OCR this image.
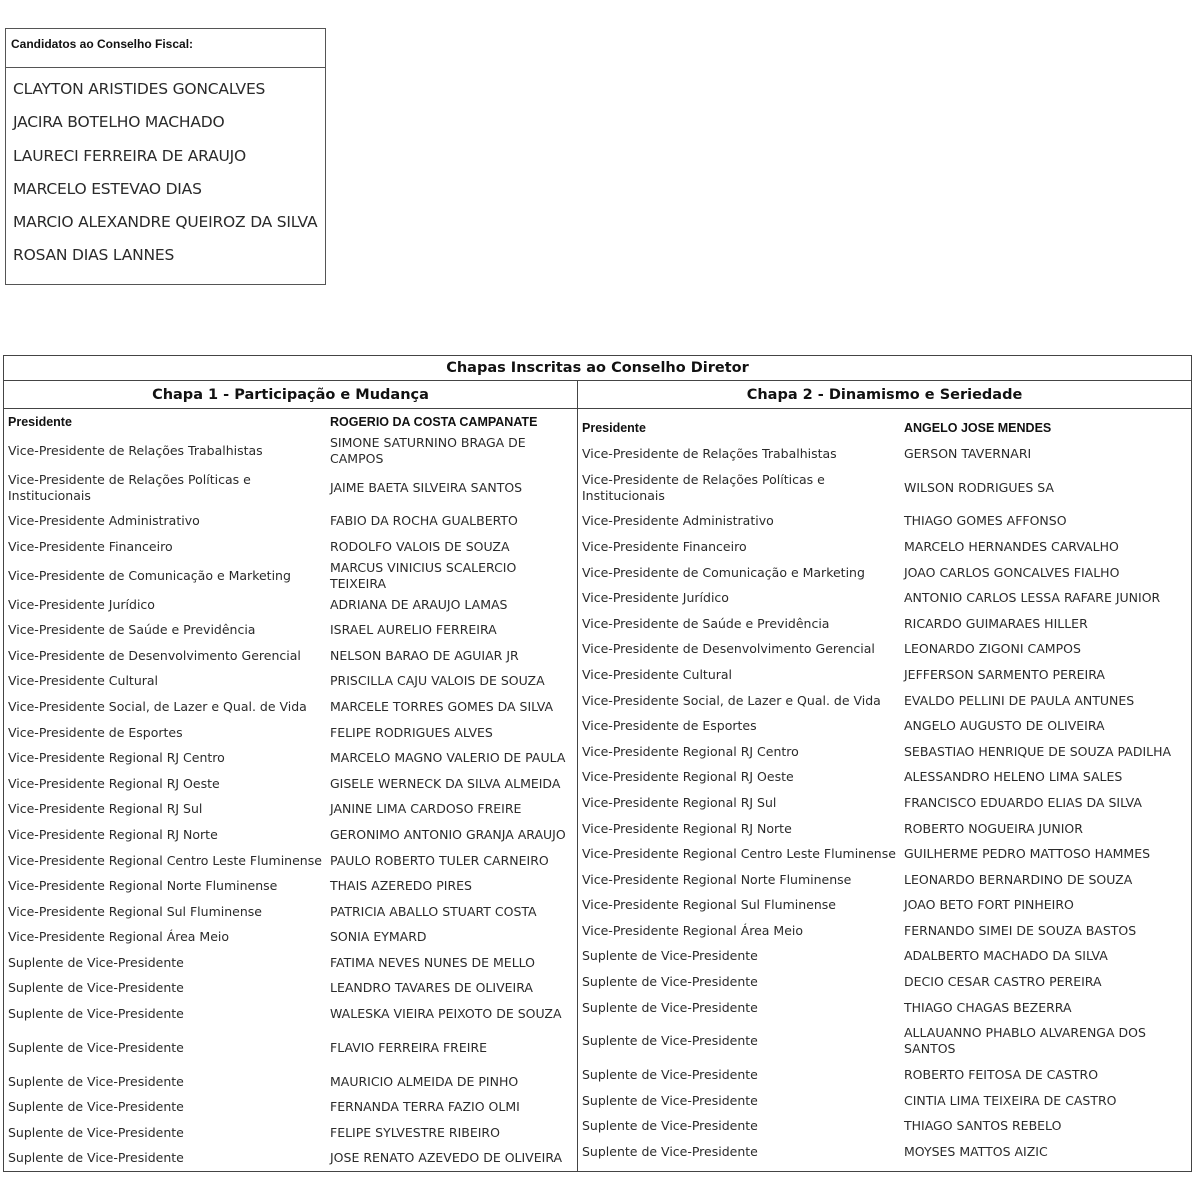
Candidatos ao Conselho Fiscal:
CLAYTON ARISTIDES GONCALVES
JACIRA BOTELHO MACHADO
LAURECI FERREIRA DE ARAUJO
MARCELO ESTEVAO DIAS
MARCIO ALEXANDRE QUEIROZ DA SILVA
ROSAN DIAS LANNES
Chapas Inscritas ao Conselho Diretor
Chapa 1 - Participação e Mudança	Chapa 2 - Dinamismo e Seriedade

Presidente	ROGERIO DA COSTA CAMPANATE
Vice-Presidente de Relações Trabalhistas	SIMONE SATURNINO BRAGA DE CAMPOS
Vice-Presidente de Relações Políticas e Institucionais	JAIME BAETA SILVEIRA SANTOS
Vice-Presidente Administrativo	FABIO DA ROCHA GUALBERTO
Vice-Presidente Financeiro	RODOLFO VALOIS DE SOUZA
Vice-Presidente de Comunicação e Marketing	MARCUS VINICIUS SCALERCIO TEIXEIRA
Vice-Presidente Jurídico	ADRIANA DE ARAUJO LAMAS
Vice-Presidente de Saúde e Previdência	ISRAEL AURELIO FERREIRA
Vice-Presidente de Desenvolvimento Gerencial	NELSON BARAO DE AGUIAR JR
Vice-Presidente Cultural	PRISCILLA CAJU VALOIS DE SOUZA
Vice-Presidente Social, de Lazer e Qual. de Vida	MARCELE TORRES GOMES DA SILVA
Vice-Presidente de Esportes	FELIPE RODRIGUES ALVES
Vice-Presidente Regional RJ Centro	MARCELO MAGNO VALERIO DE PAULA
Vice-Presidente Regional RJ Oeste	GISELE WERNECK DA SILVA ALMEIDA
Vice-Presidente Regional RJ Sul	JANINE LIMA CARDOSO FREIRE
Vice-Presidente Regional RJ Norte	GERONIMO ANTONIO GRANJA ARAUJO
Vice-Presidente Regional Centro Leste Fluminense	PAULO ROBERTO TULER CARNEIRO
Vice-Presidente Regional Norte Fluminense	THAIS AZEREDO PIRES
Vice-Presidente Regional Sul Fluminense	PATRICIA ABALLO STUART COSTA
Vice-Presidente Regional Área Meio	SONIA EYMARD
Suplente de Vice-Presidente	FATIMA NEVES NUNES DE MELLO
Suplente de Vice-Presidente	LEANDRO TAVARES DE OLIVEIRA
Suplente de Vice-Presidente	WALESKA VIEIRA PEIXOTO DE SOUZA
Suplente de Vice-Presidente	FLAVIO FERREIRA FREIRE
Suplente de Vice-Presidente	MAURICIO ALMEIDA DE PINHO
Suplente de Vice-Presidente	FERNANDA TERRA FAZIO OLMI
Suplente de Vice-Presidente	FELIPE SYLVESTRE RIBEIRO
Suplente de Vice-Presidente	JOSE RENATO AZEVEDO DE OLIVEIRA

Presidente	ANGELO JOSE MENDES
Vice-Presidente de Relações Trabalhistas	GERSON TAVERNARI
Vice-Presidente de Relações Políticas e Institucionais	WILSON RODRIGUES SA
Vice-Presidente Administrativo	THIAGO GOMES AFFONSO
Vice-Presidente Financeiro	MARCELO HERNANDES CARVALHO
Vice-Presidente de Comunicação e Marketing	JOAO CARLOS GONCALVES FIALHO
Vice-Presidente Jurídico	ANTONIO CARLOS LESSA RAFARE JUNIOR
Vice-Presidente de Saúde e Previdência	RICARDO GUIMARAES HILLER
Vice-Presidente de Desenvolvimento Gerencial	LEONARDO ZIGONI CAMPOS
Vice-Presidente Cultural	JEFFERSON SARMENTO PEREIRA
Vice-Presidente Social, de Lazer e Qual. de Vida	EVALDO PELLINI DE PAULA ANTUNES
Vice-Presidente de Esportes	ANGELO AUGUSTO DE OLIVEIRA
Vice-Presidente Regional RJ Centro	SEBASTIAO HENRIQUE DE SOUZA PADILHA
Vice-Presidente Regional RJ Oeste	ALESSANDRO HELENO LIMA SALES
Vice-Presidente Regional RJ Sul	FRANCISCO EDUARDO ELIAS DA SILVA
Vice-Presidente Regional RJ Norte	ROBERTO NOGUEIRA JUNIOR
Vice-Presidente Regional Centro Leste Fluminense	GUILHERME PEDRO MATTOSO HAMMES
Vice-Presidente Regional Norte Fluminense	LEONARDO BERNARDINO DE SOUZA
Vice-Presidente Regional Sul Fluminense	JOAO BETO FORT PINHEIRO
Vice-Presidente Regional Área Meio	FERNANDO SIMEI DE SOUZA BASTOS
Suplente de Vice-Presidente	ADALBERTO MACHADO DA SILVA
Suplente de Vice-Presidente	DECIO CESAR CASTRO PEREIRA
Suplente de Vice-Presidente	THIAGO CHAGAS BEZERRA
Suplente de Vice-Presidente	ALLAUANNO PHABLO ALVARENGA DOS SANTOS
Suplente de Vice-Presidente	ROBERTO FEITOSA DE CASTRO
Suplente de Vice-Presidente	CINTIA LIMA TEIXEIRA DE CASTRO
Suplente de Vice-Presidente	THIAGO SANTOS REBELO
Suplente de Vice-Presidente	MOYSES MATTOS AIZIC
